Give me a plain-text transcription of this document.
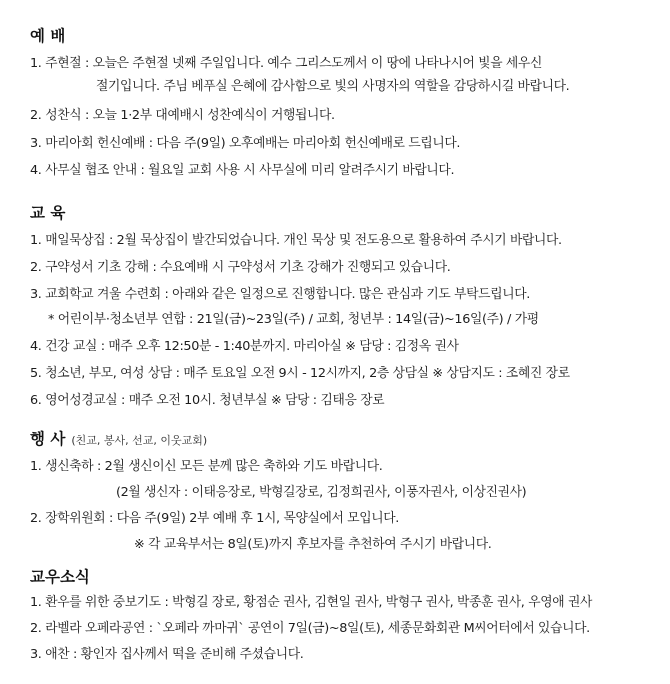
예 배
1. 주현절 : 오늘은 주현절 넷째 주일입니다. 예수 그리스도께서 이 땅에 나타나시어 빛을 세우신
절기입니다. 주님 베푸실 은혜에 감사함으로 빛의 사명자의 역할을 감당하시길 바랍니다.
2. 성찬식 : 오늘 1·2부 대예배시 성찬예식이 거행됩니다.
3. 마리아회 헌신예배 : 다음 주(9일) 오후예배는 마리아회 헌신예배로 드립니다.
4. 사무실 협조 안내 : 월요일 교회 사용 시 사무실에 미리 알려주시기 바랍니다.
교 육
1. 매일묵상집 : 2월 묵상집이 발간되었습니다. 개인 묵상 및 전도용으로 활용하여 주시기 바랍니다.
2. 구약성서 기초 강해 : 수요예배 시 구약성서 기초 강해가 진행되고 있습니다.
3. 교회학교 겨울 수련회 : 아래와 같은 일정으로 진행합니다. 많은 관심과 기도 부탁드립니다.
* 어린이부·청소년부 연합 : 21일(금)~23일(주) / 교회, 청년부 : 14일(금)~16일(주) / 가평
4. 건강 교실 : 매주 오후 12:50분 - 1:40분까지. 마리아실 ※ 담당 : 김정옥 권사
5. 청소년, 부모, 여성 상담 : 매주 토요일 오전 9시 - 12시까지, 2층 상담실 ※ 상담지도 : 조혜진 장로
6. 영어성경교실 : 매주 오전 10시. 청년부실 ※ 담당 : 김태응 장로
행 사 (친교, 봉사, 선교, 이웃교회)
1. 생신축하 : 2월 생신이신 모든 분께 많은 축하와 기도 바랍니다.
(2월 생신자 : 이태응장로, 박형길장로, 김정희권사, 이풍자권사, 이상진권사)
2. 장학위원회 : 다음 주(9일) 2부 예배 후 1시, 목양실에서 모입니다.
※ 각 교육부서는 8일(토)까지 후보자를 추천하여 주시기 바랍니다.
교우소식
1. 환우를 위한 중보기도 : 박형길 장로, 황점순 권사, 김현일 권사, 박형구 권사, 박종훈 권사, 우영애 권사
2. 라벨라 오페라공연 : `오페라 까마귀` 공연이 7일(금)~8일(토), 세종문화회관 M씨어터에서 있습니다.
3. 애찬 : 황인자 집사께서 떡을 준비해 주셨습니다.
